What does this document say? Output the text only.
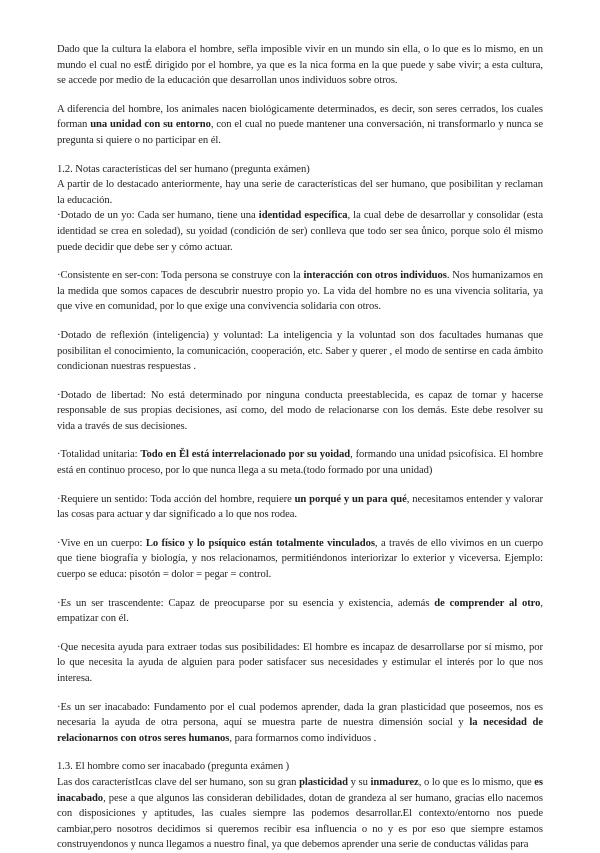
Dado que la cultura la elabora el hombre, seřla imposible vivir en un mundo sin ella, o lo que es lo mismo, en un mundo el cual no estÉ dirigido por el hombre, ya que es la nica forma en la que puede y sabe vivir; a esta cultura, se accede por medio de la educación que desarrollan unos individuos sobre otros.

A diferencia del hombre, los animales nacen biológicamente determinados, es decir, son seres cerrados, los cuales forman una unidad con su entorno, con el cual no puede mantener una conversación, ni transformarlo y nunca se pregunta si quiere o no participar en él.

1.2. Notas características del ser humano (pregunta exámen)

A partir de lo destacado anteriormente, hay una serie de características del ser humano, que posibilitan y reclaman la educación.

·Dotado de un yo: Cada ser humano, tiene una identidad específica, la cual debe de desarrollar y consolidar (esta identidad se crea en soledad), su yoidad (condición de ser) conlleva que todo ser sea ůnico, porque solo él mismo puede decidir que debe ser y cómo actuar.

·Consistente en ser-con: Toda persona se construye con la interacción con otros individuos. Nos humanizamos en la medida que somos capaces de descubrir nuestro propio yo. La vida del hombre no es una vivencia solitaria, ya que vive en comunidad, por lo que exige una convivencia solidaria con otros.

·Dotado de reflexión (inteligencia) y voluntad: La inteligencia y la voluntad son dos facultades humanas que posibilitan el conocimiento, la comunicación, cooperación, etc. Saber y querer , el modo de sentirse en cada ámbito condicionan nuestras respuestas .

·Dotado de libertad: No está determinado por ninguna conducta preestablecida, es capaz de tomar y hacerse responsable de sus propias decisiones, así como, del modo de relacionarse con los demás. Este debe resolver su vida a través de sus decisiones.

·Totalidad unitaria: Todo en Ěl está interrelacionado por su yoidad, formando una unidad psicofísica. El hombre está en continuo proceso, por lo que nunca llega a su meta.(todo formado por una unidad)

·Requiere un sentido: Toda acción del hombre, requiere un porqué y un para qué, necesitamos entender y valorar las cosas para actuar y dar significado a lo que nos rodea.

·Vive en un cuerpo: Lo físico y lo psíquico están totalmente vinculados, a través de ello vivimos en un cuerpo que tiene biografía y biología, y nos relacionamos, permitiéndonos interiorizar lo exterior y viceversa. Ejemplo: cuerpo se educa: pisotón = dolor = pegar = control.

·Es un ser trascendente: Capaz de preocuparse por su esencia y existencia, además de comprender al otro, empatizar con él.

·Que necesita ayuda para extraer todas sus posibilidades: El hombre es incapaz de desarrollarse por sí mismo, por lo que necesita la ayuda de alguien para poder satisfacer sus necesidades y estimular el interés por lo que nos interesa.

·Es un ser inacabado: Fundamento por el cual podemos aprender, dada la gran plasticidad que poseemos, nos es necesaria la ayuda de otra persona, aquí se muestra parte de nuestra dimensión social y la necesidad de relacionarnos con otros seres humanos, para formarnos como individuos .

1.3. El hombre como ser inacabado (pregunta exámen )

Las dos característIcas clave del ser humano, son su gran plasticidad y su inmadurez, o lo que es lo mismo, que es inacabado, pese a que algunos las consideran debilidades, dotan de grandeza al ser humano, gracias ello nacemos con disposiciones y aptitudes, las cuales siempre las podemos desarrollar.El contexto/entorno nos puede cambiar,pero nosotros decidimos si queremos recibir esa influencia o no y es por eso que siempre estamos construyendonos y nunca llegamos a nuestro final, ya que debemos aprender una serie de conductas válidas para
